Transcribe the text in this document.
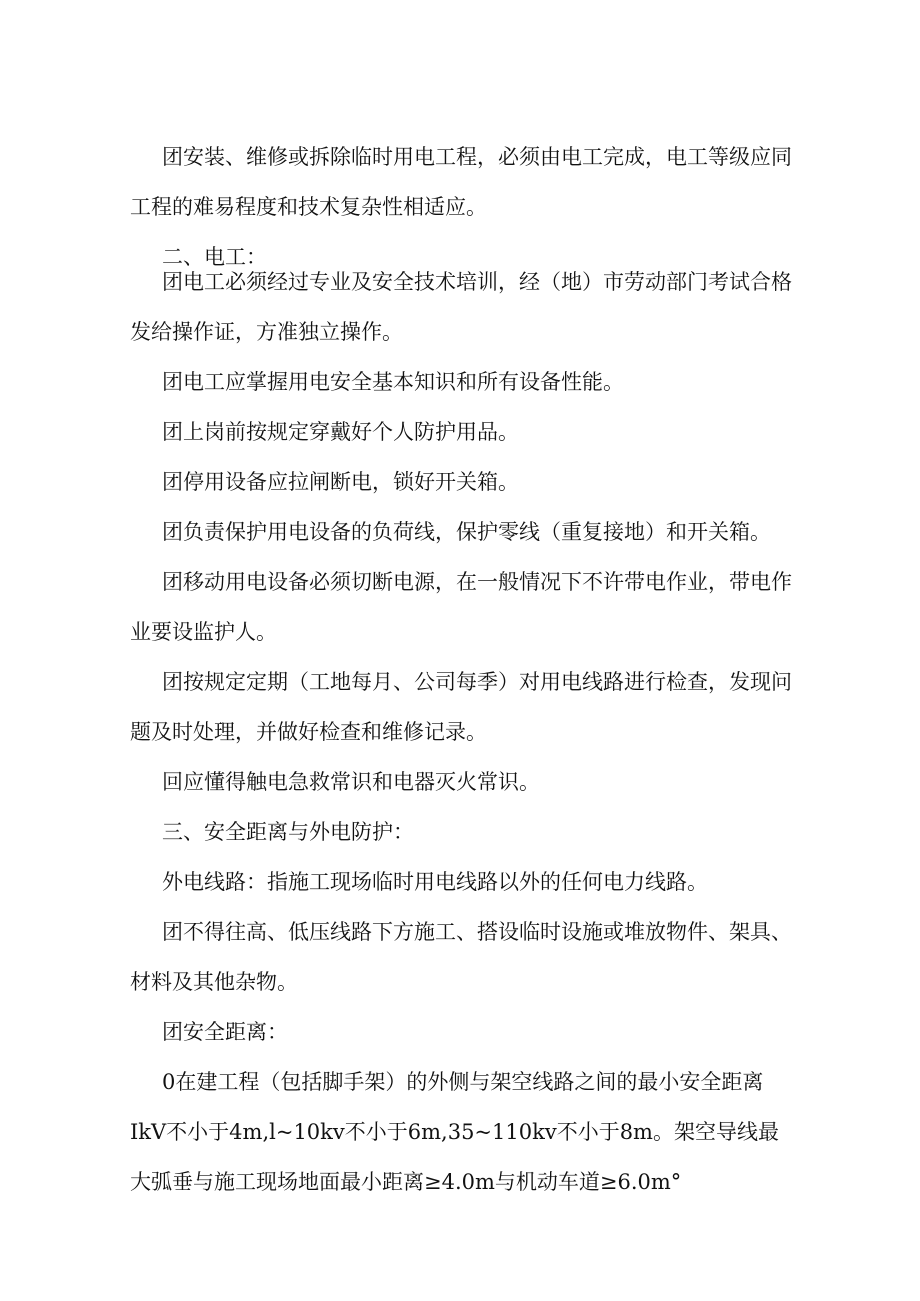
团安装、维修或拆除临时用电工程，必须由电工完成，电工等级应同工程的难易程度和技术复杂性相适应。

二、电工：

团电工必须经过专业及安全技术培训，经（地）市劳动部门考试合格发给操作证，方准独立操作。

团电工应掌握用电安全基本知识和所有设备性能。

团上岗前按规定穿戴好个人防护用品。

团停用设备应拉闸断电，锁好开关箱。

团负责保护用电设备的负荷线，保护零线（重复接地）和开关箱。

团移动用电设备必须切断电源，在一般情况下不许带电作业，带电作业要设监护人。

团按规定定期（工地每月、公司每季）对用电线路进行检查，发现问题及时处理，并做好检查和维修记录。

回应懂得触电急救常识和电器灭火常识。

三、安全距离与外电防护：

外电线路：指施工现场临时用电线路以外的任何电力线路。

团不得往高、低压线路下方施工、搭设临时设施或堆放物件、架具、材料及其他杂物。

团安全距离：

0在建工程（包括脚手架）的外侧与架空线路之间的最小安全距离IkV不小于4m,l~10kv不小于6m,35~110kv不小于8m。架空导线最大弧垂与施工现场地面最小距离≥4.0m与机动车道≥6.0m°
